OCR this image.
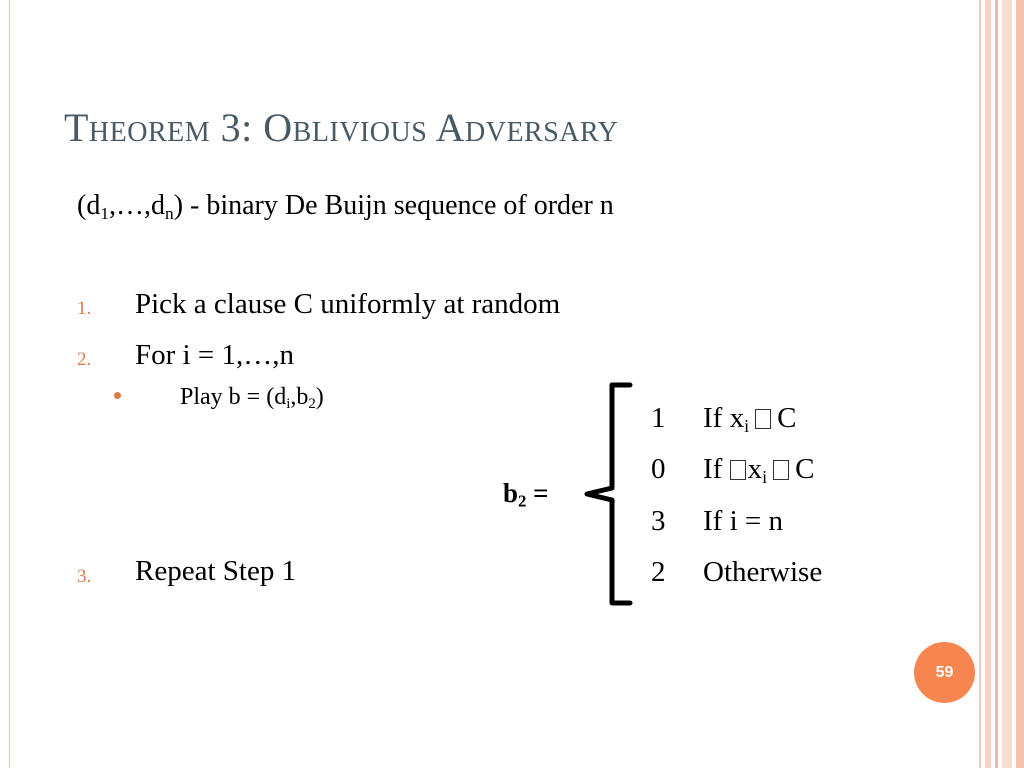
Theorem 3: Oblivious Adversary
$(d_1,\dots,d_n)$ - binary De Buijn sequence of order n
1. Pick a clause C uniformly at random
2. For i = 1,…,n
Play $b = (d_i,b_2)$
3. Repeat Step 1
$b_2$ =
1 If $x_i$ C
0 If $x_i$ C
3 If i = n
2 Otherwise
59
